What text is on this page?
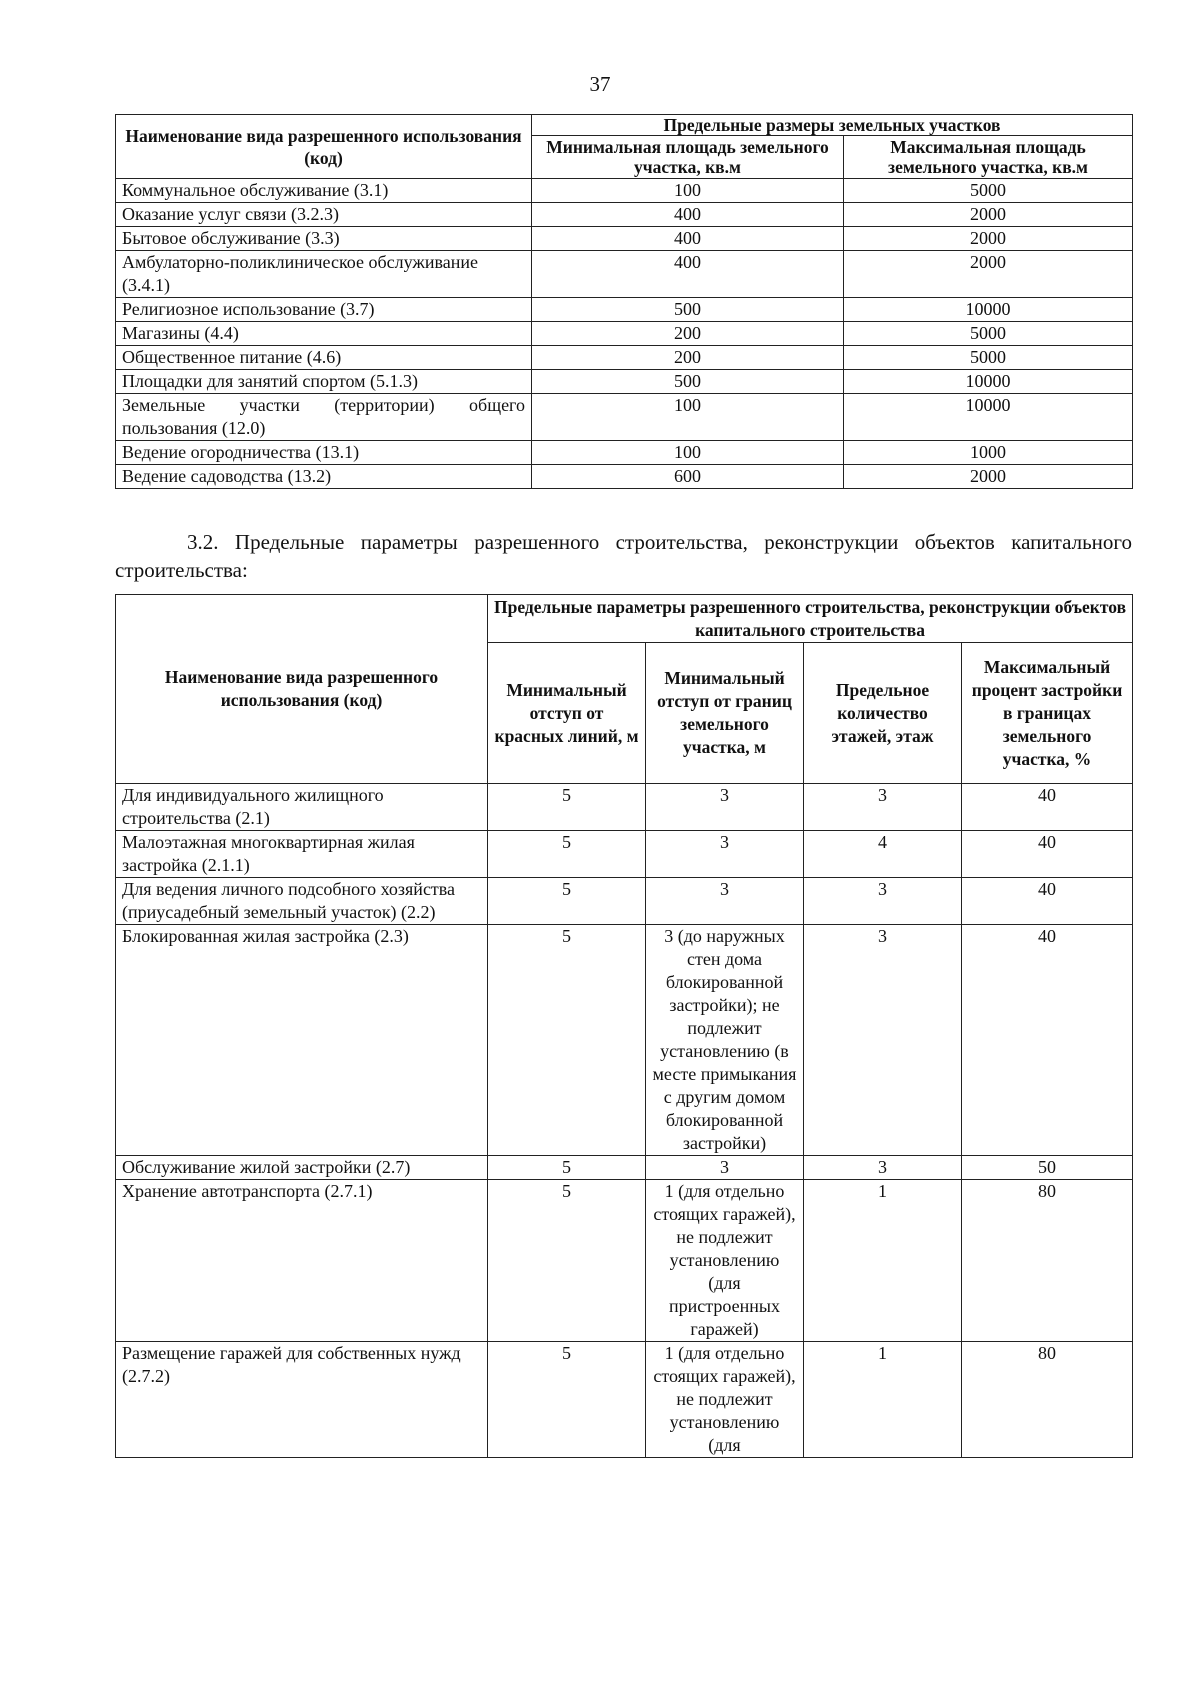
37
Наименование вида разрешенного использования (код)	Предельные размеры земельных участков	
	Минимальная площадь земельного участка, кв.м	Максимальная площадь земельного участка, кв.м
Коммунальное обслуживание (3.1)	100	5000
Оказание услуг связи (3.2.3)	400	2000
Бытовое обслуживание (3.3)	400	2000
Амбулаторно-поликлиническое обслуживание (3.4.1)	400	2000
Религиозное использование (3.7)	500	10000
Магазины (4.4)	200	5000
Общественное питание (4.6)	200	5000
Площадки для занятий спортом (5.1.3)	500	10000
Земельные участки (территории) общего пользования (12.0)	100	10000
Ведение огородничества (13.1)	100	1000
Ведение садоводства (13.2)	600	2000
3.2. Предельные параметры разрешенного строительства, реконструкции объектов капитального строительства:
Наименование вида разрешенного использования (код)	Предельные параметры разрешенного строительства, реконструкции объектов капитального строительства			
	Минимальный отступ от красных линий, м	Минимальный отступ от границ земельного участка, м	Предельное количество этажей, этаж	Максимальный процент застройки в границах земельного участка, %
Для индивидуального жилищного строительства (2.1)	5	3	3	40
Малоэтажная многоквартирная жилая застройка (2.1.1)	5	3	4	40
Для ведения личного подсобного хозяйства (приусадебный земельный участок) (2.2)	5	3	3	40
Блокированная жилая застройка (2.3)	5	3 (до наружных стен дома блокированной застройки); не подлежит установлению (в месте примыкания с другим домом блокированной застройки)	3	40
Обслуживание жилой застройки (2.7)	5	3	3	50
Хранение автотранспорта (2.7.1)	5	1 (для отдельно стоящих гаражей), не подлежит установлению (для пристроенных гаражей)	1	80
Размещение гаражей для собственных нужд (2.7.2)	5	1 (для отдельно стоящих гаражей), не подлежит установлению (для	1	80
